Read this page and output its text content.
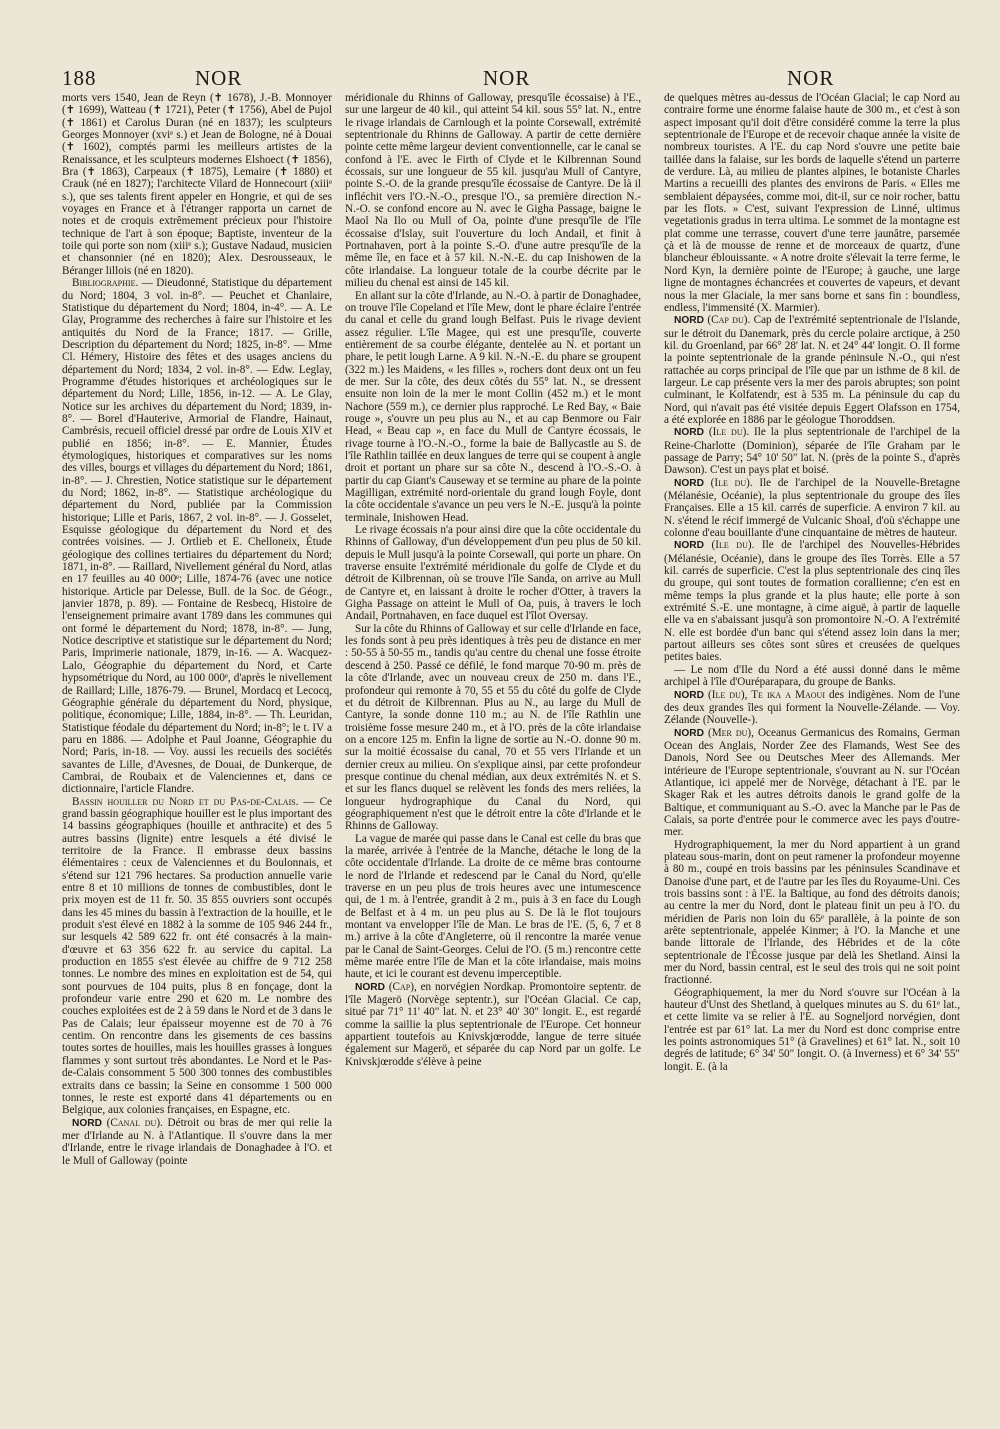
188	NOR	NOR	NOR

morts vers 1540, Jean de Reyn (✝ 1678), J.-B. Monnoyer (✝ 1699), Watteau (✝ 1721), Peter (✝ 1756), Abel de Pujol (✝ 1861) et Carolus Duran (né en 1837); les sculpteurs Georges Monnoyer (xviᵉ s.) et Jean de Bologne, né à Douai (✝ 1602), comptés parmi les meilleurs artistes de la Renaissance, et les sculpteurs modernes Elshoect (✝ 1856), Bra (✝ 1863), Carpeaux (✝ 1875), Lemaire (✝ 1880) et Crauk (né en 1827); l'architecte Vilard de Honnecourt (xiiiᵉ s.), que ses talents firent appeler en Hongrie, et qui de ses voyages en France et à l'étranger rapporta un carnet de notes et de croquis extrêmement précieux pour l'histoire technique de l'art à son époque; Baptiste, inventeur de la toile qui porte son nom (xiiiᵉ s.); Gustave Nadaud, musicien et chansonnier (né en 1820); Alex. Desrousseaux, le Béranger lillois (né en 1820).

Bibliographie. — Dieudonné, Statistique du département du Nord; 1804, 3 vol. in-8°. — Peuchet et Chanlaire, Statistique du département du Nord; 1804, in-4°. — A. Le Glay, Programme des recherches à faire sur l'histoire et les antiquités du Nord de la France; 1817. — Grille, Description du département du Nord; 1825, in-8°. — Mme Cl. Hémery, Histoire des fêtes et des usages anciens du département du Nord; 1834, 2 vol. in-8°. — Edw. Leglay, Programme d'études historiques et archéologiques sur le département du Nord; Lille, 1856, in-12. — A. Le Glay, Notice sur les archives du département du Nord; 1839, in-8°. — Borel d'Hauterive, Armorial de Flandre, Hainaut, Cambrésis, recueil officiel dressé par ordre de Louis XIV et publié en 1856; in-8°. — E. Mannier, Études étymologiques, historiques et comparatives sur les noms des villes, bourgs et villages du département du Nord; 1861, in-8°. — J. Chrestien, Notice statistique sur le département du Nord; 1862, in-8°. — Statistique archéologique du département du Nord, publiée par la Commission historique; Lille et Paris, 1867, 2 vol. in-8°. — J. Gosselet, Esquisse géologique du département du Nord et des contrées voisines. — J. Ortlieb et E. Chelloneix, Étude géologique des collines tertiaires du département du Nord; 1871, in-8°. — Raillard, Nivellement général du Nord, atlas en 17 feuilles au 40 000ᵉ; Lille, 1874-76 (avec une notice historique. Article par Delesse, Bull. de la Soc. de Géogr., janvier 1878, p. 89). — Fontaine de Resbecq, Histoire de l'enseignement primaire avant 1789 dans les communes qui ont formé le département du Nord; 1878, in-8°. — Jung, Notice descriptive et statistique sur le département du Nord; Paris, Imprimerie nationale, 1879, in-16. — A. Wacquez-Lalo, Géographie du département du Nord, et Carte hypsométrique du Nord, au 100 000ᵉ, d'après le nivellement de Raillard; Lille, 1876-79. — Brunel, Mordacq et Lecocq, Géographie générale du département du Nord, physique, politique, économique; Lille, 1884, in-8°. — Th. Leuridan, Statistique féodale du département du Nord; in-8°; le t. IV a paru en 1886. — Adolphe et Paul Joanne, Géographie du Nord; Paris, in-18. — Voy. aussi les recueils des sociétés savantes de Lille, d'Avesnes, de Douai, de Dunkerque, de Cambrai, de Roubaix et de Valenciennes et, dans ce dictionnaire, l'article Flandre.

Bassin houiller du Nord et du Pas-de-Calais. — Ce grand bassin géographique houiller est le plus important des 14 bassins géographiques (houille et anthracite) et des 5 autres bassins (lignite) entre lesquels a été divisé le territoire de la France. Il embrasse deux bassins élémentaires : ceux de Valenciennes et du Boulonnais, et s'étend sur 121 796 hectares. Sa production annuelle varie entre 8 et 10 millions de tonnes de combustibles, dont le prix moyen est de 11 fr. 50. 35 855 ouvriers sont occupés dans les 45 mines du bassin à l'extraction de la houille, et le produit s'est élevé en 1882 à la somme de 105 946 244 fr., sur lesquels 42 589 622 fr. ont été consacrés à la main-d'œuvre et 63 356 622 fr. au service du capital. La production en 1855 s'est élevée au chiffre de 9 712 258 tonnes. Le nombre des mines en exploitation est de 54, qui sont pourvues de 104 puits, plus 8 en fonçage, dont la profondeur varie entre 290 et 620 m. Le nombre des couches exploitées est de 2 à 59 dans le Nord et de 3 dans le Pas de Calais; leur épaisseur moyenne est de 70 à 76 centim. On rencontre dans les gisements de ces bassins toutes sortes de houilles, mais les houilles grasses à longues flammes y sont surtout très abondantes. Le Nord et le Pas-de-Calais consomment 5 500 300 tonnes des combustibles extraits dans ce bassin; la Seine en consomme 1 500 000 tonnes, le reste est exporté dans 41 départements ou en Belgique, aux colonies françaises, en Espagne, etc.

NORD (Canal du). Détroit ou bras de mer qui relie la mer d'Irlande au N. à l'Atlantique. Il s'ouvre dans la mer d'Irlande, entre le rivage irlandais de Donaghadee à l'O. et le Mull of Galloway (pointe

méridionale du Rhinns of Galloway, presqu'île écossaise) à l'E., sur une largeur de 40 kil., qui atteint 54 kil. sous 55° lat. N., entre le rivage irlandais de Carnlough et la pointe Corsewall, extrémité septentrionale du Rhinns de Galloway. A partir de cette dernière pointe cette même largeur devient conventionnelle, car le canal se confond à l'E. avec le Firth of Clyde et le Kilbrennan Sound écossais, sur une longueur de 55 kil. jusqu'au Mull of Cantyre, pointe S.-O. de la grande presqu'île écossaise de Cantyre. De là il infléchit vers l'O.-N.-O., presque l'O., sa première direction N.-N.-O. se confond encore au N. avec le Gigha Passage, baigne le Maol Na Ilo ou Mull of Oa, pointe d'une presqu'île de l'île écossaise d'Islay, suit l'ouverture du loch Andail, et finit à Portnahaven, port à la pointe S.-O. d'une autre presqu'île de la même île, en face et à 57 kil. N.-N.-E. du cap Inishowen de la côte irlandaise. La longueur totale de la courbe décrite par le milieu du chenal est ainsi de 145 kil.

En allant sur la côte d'Irlande, au N.-O. à partir de Donaghadee, on trouve l'île Copeland et l'île Mew, dont le phare éclaire l'entrée du canal et celle du grand lough Belfast. Puis le rivage devient assez régulier. L'île Magee, qui est une presqu'île, couverte entièrement de sa courbe élégante, dentelée au N. et portant un phare, le petit lough Larne. A 9 kil. N.-N.-E. du phare se groupent (322 m.) les Maidens, « les filles », rochers dont deux ont un feu de mer. Sur la côte, des deux côtés du 55° lat. N., se dressent ensuite non loin de la mer le mont Collin (452 m.) et le mont Nachore (559 m.), ce dernier plus rapproché. Le Red Bay, « Baie rouge », s'ouvre un peu plus au N., et au cap Benmore ou Fair Head, « Beau cap », en face du Mull de Cantyre écossais, le rivage tourne à l'O.-N.-O., forme la baie de Ballycastle au S. de l'île Rathlin taillée en deux langues de terre qui se coupent à angle droit et portant un phare sur sa côte N., descend à l'O.-S.-O. à partir du cap Giant's Causeway et se termine au phare de la pointe Magilligan, extrémité nord-orientale du grand lough Foyle, dont la côte occidentale s'avance un peu vers le N.-E. jusqu'à la pointe terminale, Inishowen Head.

Le rivage écossais n'a pour ainsi dire que la côte occidentale du Rhinns of Galloway, d'un développement d'un peu plus de 50 kil. depuis le Mull jusqu'à la pointe Corsewall, qui porte un phare. On traverse ensuite l'extrémité méridionale du golfe de Clyde et du détroit de Kilbrennan, où se trouve l'île Sanda, on arrive au Mull de Cantyre et, en laissant à droite le rocher d'Otter, à travers la Gigha Passage on atteint le Mull of Oa, puis, à travers le loch Andail, Portnahaven, en face duquel est l'îlot Oversay.

Sur la côte du Rhinns of Galloway et sur celle d'Irlande en face, les fonds sont à peu près identiques à très peu de distance en mer : 50-55 à 50-55 m., tandis qu'au centre du chenal une fosse étroite descend à 250. Passé ce défilé, le fond marque 70-90 m. près de la côte d'Irlande, avec un nouveau creux de 250 m. dans l'E., profondeur qui remonte à 70, 55 et 55 du côté du golfe de Clyde et du détroit de Kilbrennan. Plus au N., au large du Mull de Cantyre, la sonde donne 110 m.; au N. de l'île Rathlin une troisième fosse mesure 240 m., et à l'O. près de la côte irlandaise on a encore 125 m. Enfin la ligne de sortie au N.-O. donne 90 m. sur la moitié écossaise du canal, 70 et 55 vers l'Irlande et un dernier creux au milieu. On s'explique ainsi, par cette profondeur presque continue du chenal médian, aux deux extrémités N. et S. et sur les flancs duquel se relèvent les fonds des mers reliées, la longueur hydrographique du Canal du Nord, qui géographiquement n'est que le détroit entre la côte d'Irlande et le Rhinns de Galloway.

La vague de marée qui passe dans le Canal est celle du bras que la marée, arrivée à l'entrée de la Manche, détache le long de la côte occidentale d'Irlande. La droite de ce même bras contourne le nord de l'Irlande et redescend par le Canal du Nord, qu'elle traverse en un peu plus de trois heures avec une intumescence qui, de 1 m. à l'entrée, grandit à 2 m., puis à 3 en face du Lough de Belfast et à 4 m. un peu plus au S. De là le flot toujours montant va envelopper l'île de Man. Le bras de l'E. (5, 6, 7 et 8 m.) arrive à la côte d'Angleterre, où il rencontre la marée venue par le Canal de Saint-Georges. Celui de l'O. (5 m.) rencontre cette même marée entre l'île de Man et la côte irlandaise, mais moins haute, et ici le courant est devenu imperceptible.

NORD (Cap), en norvégien Nordkap. Promontoire septentr. de l'île Magerö (Norvège septentr.), sur l'Océan Glacial. Ce cap, situé par 71° 11' 40" lat. N. et 23° 40' 30" longit. E., est regardé comme la saillie la plus septentrionale de l'Europe. Cet honneur appartient toutefois au Knivskjœrodde, langue de terre située également sur Magerö, et séparée du cap Nord par un golfe. Le Knivskjœrodde s'élève à peine

de quelques mètres au-dessus de l'Océan Glacial; le cap Nord au contraire forme une énorme falaise haute de 300 m., et c'est à son aspect imposant qu'il doit d'être considéré comme la terre la plus septentrionale de l'Europe et de recevoir chaque année la visite de nombreux touristes. A l'E. du cap Nord s'ouvre une petite baie taillée dans la falaise, sur les bords de laquelle s'étend un parterre de verdure. Là, au milieu de plantes alpines, le botaniste Charles Martins a recueilli des plantes des environs de Paris. « Elles me semblaient dépaysées, comme moi, dit-il, sur ce noir rocher, battu par les flots. » C'est, suivant l'expression de Linné, ultimus vegetationis gradus in terra ultima. Le sommet de la montagne est plat comme une terrasse, couvert d'une terre jaunâtre, parsemée çà et là de mousse de renne et de morceaux de quartz, d'une blancheur éblouissante. « A notre droite s'élevait la terre ferme, le Nord Kyn, la dernière pointe de l'Europe; à gauche, une large ligne de montagnes échancrées et couvertes de vapeurs, et devant nous la mer Glaciale, la mer sans borne et sans fin : boundless, endless, l'immensité (X. Marmier).

NORD (Cap du). Cap de l'extrémité septentrionale de l'Islande, sur le détroit du Danemark, près du cercle polaire arctique, à 250 kil. du Groenland, par 66° 28' lat. N. et 24° 44' longit. O. Il forme la pointe septentrionale de la grande péninsule N.-O., qui n'est rattachée au corps principal de l'île que par un isthme de 8 kil. de largeur. Le cap présente vers la mer des parois abruptes; son point culminant, le Kolfatendr, est à 535 m. La péninsule du cap du Nord, qui n'avait pas été visitée depuis Eggert Olafsson en 1754, a été explorée en 1886 par le géologue Thoroddsen.

NORD (Ile du). Ile la plus septentrionale de l'archipel de la Reine-Charlotte (Dominion), séparée de l'île Graham par le passage de Parry; 54° 10' 50" lat. N. (près de la pointe S., d'après Dawson). C'est un pays plat et boisé.

NORD (Ile du). Ile de l'archipel de la Nouvelle-Bretagne (Mélanésie, Océanie), la plus septentrionale du groupe des îles Françaises. Elle a 15 kil. carrés de superficie. A environ 7 kil. au N. s'étend le récif immergé de Vulcanic Shoal, d'où s'échappe une colonne d'eau bouillante d'une cinquantaine de mètres de hauteur.

NORD (Ile du). Ile de l'archipel des Nouvelles-Hébrides (Mélanésie, Océanie), dans le groupe des îles Torrès. Elle a 57 kil. carrés de superficie. C'est la plus septentrionale des cinq îles du groupe, qui sont toutes de formation corallienne; c'en est en même temps la plus grande et la plus haute; elle porte à son extrémité S.-E. une montagne, à cime aiguë, à partir de laquelle elle va en s'abaissant jusqu'à son promontoire N.-O. A l'extrémité N. elle est bordée d'un banc qui s'étend assez loin dans la mer; partout ailleurs ses côtes sont sûres et creusées de quelques petites baies.

— Le nom d'Ile du Nord a été aussi donné dans le même archipel à l'île d'Ouréparapara, du groupe de Banks.

NORD (Ile du), Te ika a Maoui des indigènes. Nom de l'une des deux grandes îles qui forment la Nouvelle-Zélande. — Voy. Zélande (Nouvelle-).

NORD (Mer du), Oceanus Germanicus des Romains, German Ocean des Anglais, Norder Zee des Flamands, West See des Danois, Nord See ou Deutsches Meer des Allemands. Mer intérieure de l'Europe septentrionale, s'ouvrant au N. sur l'Océan Atlantique, ici appelé mer de Norvège, détachant à l'E. par le Skager Rak et les autres détroits danois le grand golfe de la Baltique, et communiquant au S.-O. avec la Manche par le Pas de Calais, sa porte d'entrée pour le commerce avec les pays d'outre-mer.

Hydrographiquement, la mer du Nord appartient à un grand plateau sous-marin, dont on peut ramener la profondeur moyenne à 80 m., coupé en trois bassins par les péninsules Scandinave et Danoise d'une part, et de l'autre par les îles du Royaume-Uni. Ces trois bassins sont : à l'E. la Baltique, au fond des détroits danois; au centre la mer du Nord, dont le plateau finit un peu à l'O. du méridien de Paris non loin du 65ᵉ parallèle, à la pointe de son arête septentrionale, appelée Kinmer; à l'O. la Manche et une bande littorale de l'Irlande, des Hébrides et de la côte septentrionale de l'Écosse jusque par delà les Shetland. Ainsi la mer du Nord, bassin central, est le seul des trois qui ne soit point fractionné.

Géographiquement, la mer du Nord s'ouvre sur l'Océan à la hauteur d'Unst des Shetland, à quelques minutes au S. du 61ᵉ lat., et cette limite va se relier à l'E. au Sogneljord norvégien, dont l'entrée est par 61° lat. La mer du Nord est donc comprise entre les points astronomiques 51° (à Gravelines) et 61° lat. N., soit 10 degrés de latitude; 6° 34' 50" longit. O. (à Inverness) et 6° 34' 55" longit. E. (à la
